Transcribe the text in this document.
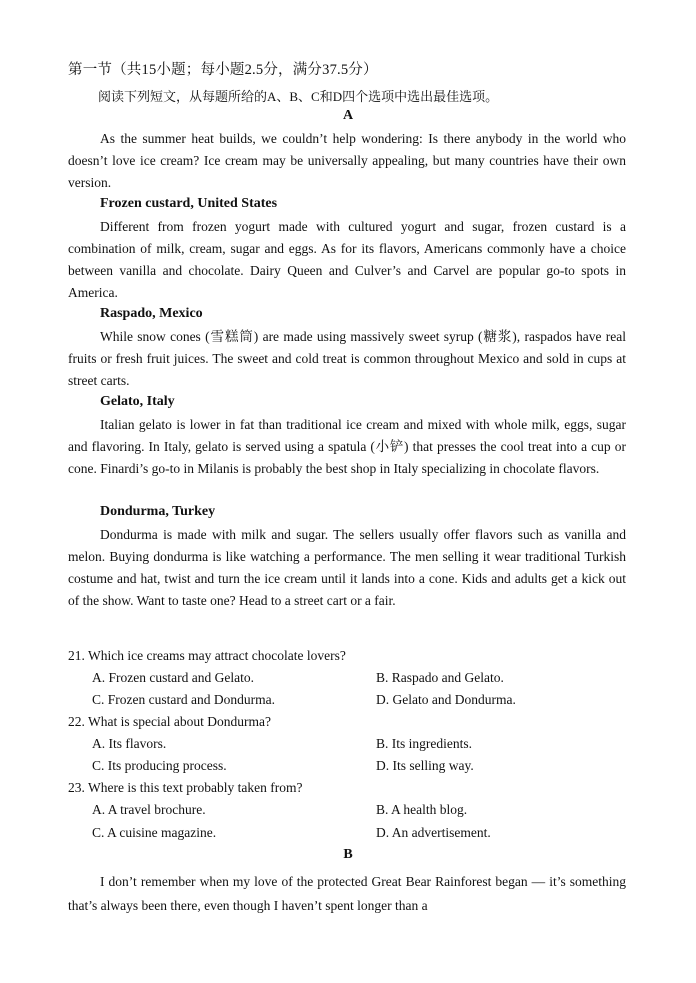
第一节（共15小题；每小题2.5分，满分37.5分）
阅读下列短文，从每题所给的A、B、C和D四个选项中选出最佳选项。
A

As the summer heat builds, we couldn’t help wondering: Is there anybody in the world who doesn’t love ice cream? Ice cream may be universally appealing, but many countries have their own version.

Frozen custard, United States

Different from frozen yogurt made with cultured yogurt and sugar, frozen custard is a combination of milk, cream, sugar and eggs. As for its flavors, Americans commonly have a choice between vanilla and chocolate. Dairy Queen and Culver’s and Carvel are popular go-to spots in America.

Raspado, Mexico

While snow cones (雪糕筒) are made using massively sweet syrup (糖浆), raspados have real fruits or fresh fruit juices. The sweet and cold treat is common throughout Mexico and sold in cups at street carts.

Gelato, Italy

Italian gelato is lower in fat than traditional ice cream and mixed with whole milk, eggs, sugar and flavoring. In Italy, gelato is served using a spatula (小铲) that presses the cool treat into a cup or cone. Finardi’s go-to in Milanis is probably the best shop in Italy specializing in chocolate flavors.

Dondurma, Turkey

Dondurma is made with milk and sugar. The sellers usually offer flavors such as vanilla and melon. Buying dondurma is like watching a performance. The men selling it wear traditional Turkish costume and hat, twist and turn the ice cream until it lands into a cone. Kids and adults get a kick out of the show. Want to taste one? Head to a street cart or a fair.

21. Which ice creams may attract chocolate lovers?
A. Frozen custard and Gelato.	B. Raspado and Gelato.
C. Frozen custard and Dondurma.	D. Gelato and Dondurma.
22. What is special about Dondurma?
A. Its flavors.	B. Its ingredients.
C. Its producing process.	D. Its selling way.
23. Where is this text probably taken from?
A. A travel brochure.	B. A health blog.
C. A cuisine magazine.	D. An advertisement.
B

I don’t remember when my love of the protected Great Bear Rainforest began — it’s something that’s always been there, even though I haven’t spent longer than a
